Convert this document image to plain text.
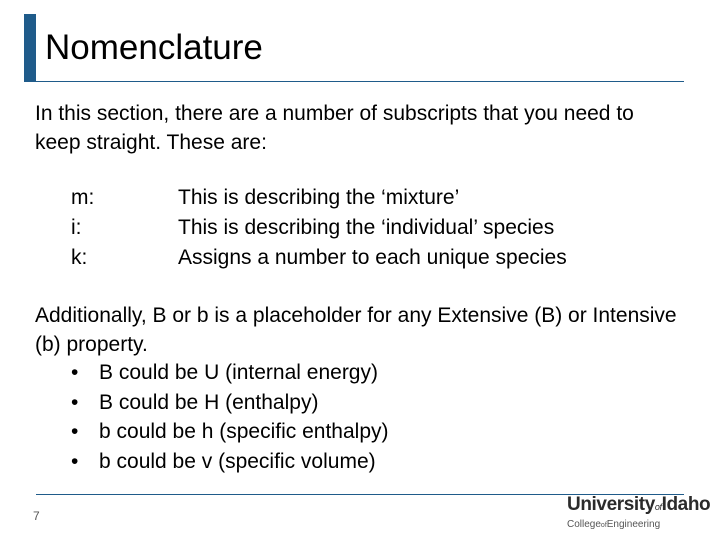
Nomenclature
In this section, there are a number of subscripts that you need to keep straight. These are:
m:	This is describing the ‘mixture’
i:	This is describing the ‘individual’ species
k:	Assigns a number to each unique species
Additionally, B or b is a placeholder for any Extensive (B) or Intensive (b) property.
• B could be U (internal energy)
• B could be H (enthalpy)
• b could be h (specific enthalpy)
• b could be v (specific volume)
7
UniversityofIdaho
CollegeofEngineering
